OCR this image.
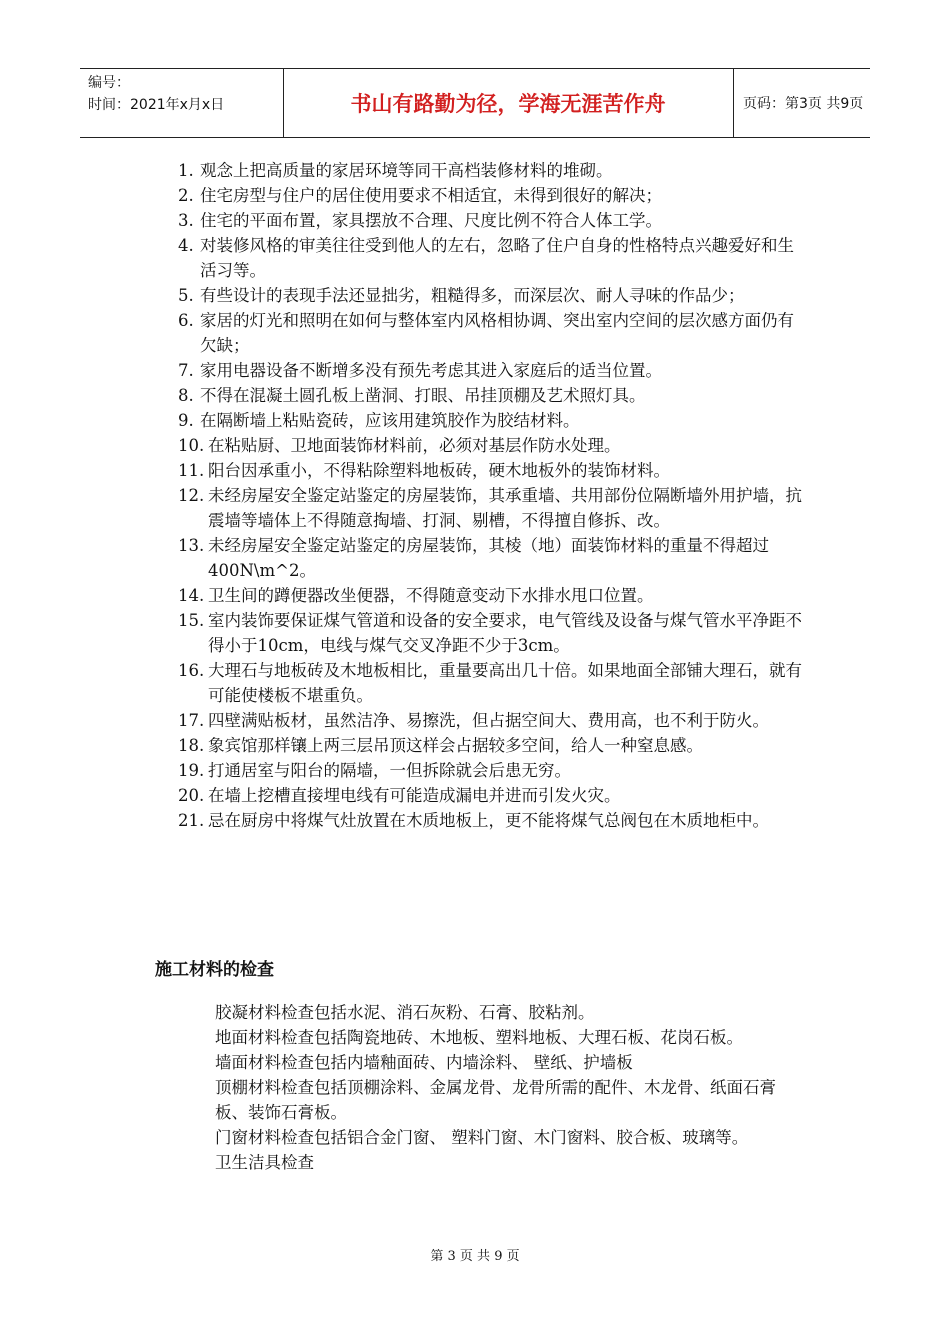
编号：
时间：2021年x月x日	书山有路勤为径，学海无涯苦作舟	页码：第3页 共9页
1. 观念上把高质量的家居环境等同干高档装修材料的堆砌。
2. 住宅房型与住户的居住使用要求不相适宜，未得到很好的解决；
3. 住宅的平面布置，家具摆放不合理、尺度比例不符合人体工学。
4. 对装修风格的审美往往受到他人的左右，忽略了住户自身的性格特点兴趣爱好和生活习等。
5. 有些设计的表现手法还显拙劣，粗糙得多，而深层次、耐人寻味的作品少；
6. 家居的灯光和照明在如何与整体室内风格相协调、突出室内空间的层次感方面仍有欠缺；
7. 家用电器设备不断增多没有预先考虑其进入家庭后的适当位置。
8. 不得在混凝土圆孔板上凿洞、打眼、吊挂顶棚及艺术照灯具。
9. 在隔断墙上粘贴瓷砖，应该用建筑胶作为胶结材料。
10. 在粘贴厨、卫地面装饰材料前，必须对基层作防水处理。
11. 阳台因承重小，不得粘除塑料地板砖，硬木地板外的装饰材料。
12. 未经房屋安全鉴定站鉴定的房屋装饰，其承重墙、共用部份位隔断墙外用护墙，抗震墙等墙体上不得随意掏墙、打洞、剔槽，不得擅自修拆、改。
13. 未经房屋安全鉴定站鉴定的房屋装饰，其棱（地）面装饰材料的重量不得超过400N\m^2。
14. 卫生间的蹲便器改坐便器，不得随意变动下水排水甩口位置。
15. 室内装饰要保证煤气管道和设备的安全要求，电气管线及设备与煤气管水平净距不得小于10cm，电线与煤气交叉净距不少于3cm。
16. 大理石与地板砖及木地板相比，重量要高出几十倍。如果地面全部铺大理石，就有可能使楼板不堪重负。
17. 四壁满贴板材，虽然洁净、易擦洗，但占据空间大、费用高，也不利于防火。
18. 象宾馆那样镶上两三层吊顶这样会占据较多空间，给人一种窒息感。
19. 打通居室与阳台的隔墙，一但拆除就会后患无穷。
20. 在墙上挖槽直接埋电线有可能造成漏电并进而引发火灾。
21. 忌在厨房中将煤气灶放置在木质地板上，更不能将煤气总阀包在木质地柜中。
施工材料的检查
胶凝材料检查包括水泥、消石灰粉、石膏、胶粘剂。
地面材料检查包括陶瓷地砖、木地板、塑料地板、大理石板、花岗石板。
墙面材料检查包括内墙釉面砖、内墙涂料、 壁纸、护墙板
顶棚材料检查包括顶棚涂料、金属龙骨、龙骨所需的配件、木龙骨、纸面石膏板、装饰石膏板。
门窗材料检查包括铝合金门窗、 塑料门窗、木门窗料、胶合板、玻璃等。
卫生洁具检查
第 3 页 共 9 页
